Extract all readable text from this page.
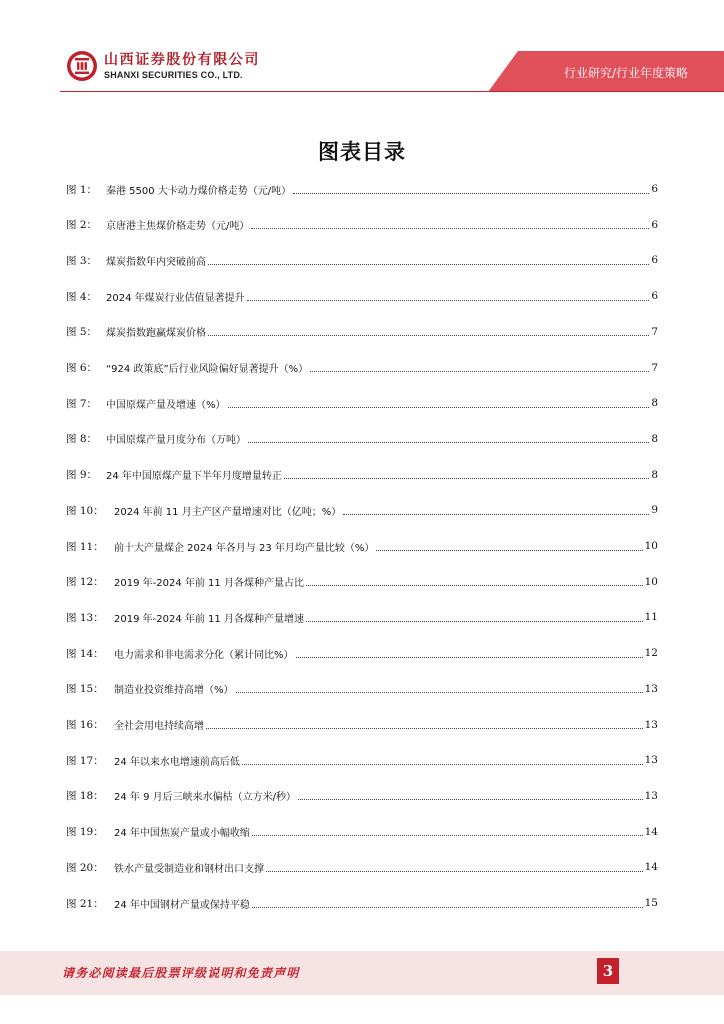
山西证券股份有限公司
SHANXI SECURITIES CO., LTD.	行业研究/行业年度策略
图表目录
图 1： 秦港 5500 大卡动力煤价格走势（元/吨）	6
图 2： 京唐港主焦煤价格走势（元/吨）	6
图 3： 煤炭指数年内突破前高	6
图 4： 2024 年煤炭行业估值显著提升	6
图 5： 煤炭指数跑赢煤炭价格	7
图 6： “924 政策底”后行业风险偏好显著提升（%）	7
图 7： 中国原煤产量及增速（%）	8
图 8： 中国原煤产量月度分布（万吨）	8
图 9： 24 年中国原煤产量下半年月度增量转正	8
图 10：	2024 年前 11 月主产区产量增速对比（亿吨；%）	9
图 11：	前十大产量煤企 2024 年各月与 23 年月均产量比较（%）	10
图 12：	2019 年-2024 年前 11 月各煤种产量占比	10
图 13：	2019 年-2024 年前 11 月各煤种产量增速	11
图 14：	电力需求和非电需求分化（累计同比%）	12
图 15：	制造业投资维持高增（%）	13
图 16：	全社会用电持续高增	13
图 17：	24 年以来水电增速前高后低	13
图 18：	24 年 9 月后三峡来水偏枯（立方米/秒）	13
图 19：	24 年中国焦炭产量或小幅收缩	14
图 20：	铁水产量受制造业和钢材出口支撑	14
图 21：	24 年中国钢材产量或保持平稳	15
请务必阅读最后股票评级说明和免责声明	3
